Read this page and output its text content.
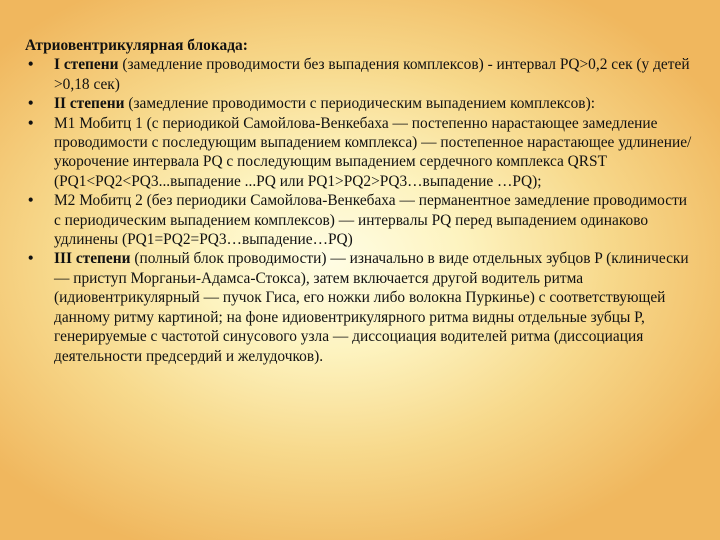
Атриовентрикулярная блокада:

• I степени (замедление проводимости без выпадения комплексов) - интервал PQ>0,2 сек (у детей >0,18 сек)
• II степени (замедление проводимости с периодическим выпадением комплексов):
• М1 Мобитц 1 (с периодикой Самойлова-Венкебаха — постепенно нарастающее замедление проводимости с последующим выпадением комплекса) — постепенное нарастающее удлинение/укорочение интервала PQ с последующим выпадением сердечного комплекса QRST (PQ1<PQ2<PQ3...выпадение ...PQ или PQ1>PQ2>PQ3…выпадение …PQ);
• М2 Мобитц 2 (без периодики Самойлова-Венкебаха — перманентное замедление проводимости с периодическим выпадением комплексов) — интервалы PQ перед выпадением одинаково удлинены (PQ1=PQ2=PQ3…выпадение…PQ)
• III степени (полный блок проводимости) — изначально в виде отдельных зубцов P (клинически — приступ Морганьи-Адамса-Стокса), затем включается другой водитель ритма (идиовентрикулярный — пучок Гиса, его ножки либо волокна Пуркинье) с соответствующей данному ритму картиной; на фоне идиовентрикулярного ритма видны отдельные зубцы P, генерируемые с частотой синусового узла — диссоциация водителей ритма (диссоциация деятельности предсердий и желудочков).
